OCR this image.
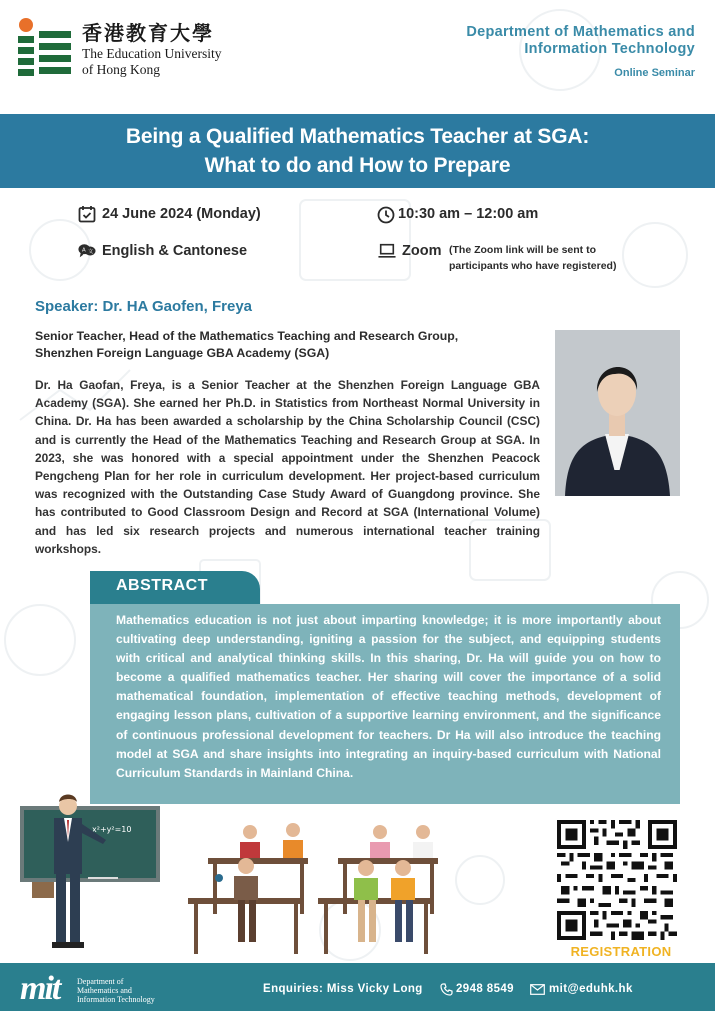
香港教育大學
The Education University
of Hong Kong
Department of Mathematics and
Information Technology
Online Seminar
Being a Qualified Mathematics Teacher at SGA:
What to do and How to Prepare
24 June 2024 (Monday)	10:30 am – 12:00 am
A 文 English & Cantonese	Zoom (The Zoom link will be sent to
participants who have registered)
Speaker: Dr. HA Gaofen, Freya
Senior Teacher, Head of the Mathematics Teaching and Research Group, Shenzhen Foreign Language GBA Academy (SGA)
Dr. Ha Gaofan, Freya, is a Senior Teacher at the Shenzhen Foreign Language GBA Academy (SGA). She earned her Ph.D. in Statistics from Northeast Normal University in China. Dr. Ha has been awarded a scholarship by the China Scholarship Council (CSC) and is currently the Head of the Mathematics Teaching and Research Group at SGA. In 2023, she was honored with a special appointment under the Shenzhen Peacock Pengcheng Plan for her role in curriculum development. Her project-based curriculum was recognized with the Outstanding Case Study Award of Guangdong province. She has contributed to Good Classroom Design and Record at SGA (International Volume) and has led six research projects and numerous international teacher training workshops.
ABSTRACT
Mathematics education is not just about imparting knowledge; it is more importantly about cultivating deep understanding, igniting a passion for the subject, and equipping students with critical and analytical thinking skills. In this sharing, Dr. Ha will guide you on how to become a qualified mathematics teacher. Her sharing will cover the importance of a solid mathematical foundation, implementation of effective teaching methods, development of engaging lesson plans, cultivation of a supportive learning environment, and the significance of continuous professional development for teachers. Dr Ha will also introduce the teaching model at SGA and share insights into integrating an inquiry-based curriculum with National Curriculum Standards in Mainland China.
x²+y²=10
REGISTRATION
mit Department of
Mathematics and
Information Technology
Enquiries: Miss Vicky Long	2948 8549	mit@eduhk.hk
